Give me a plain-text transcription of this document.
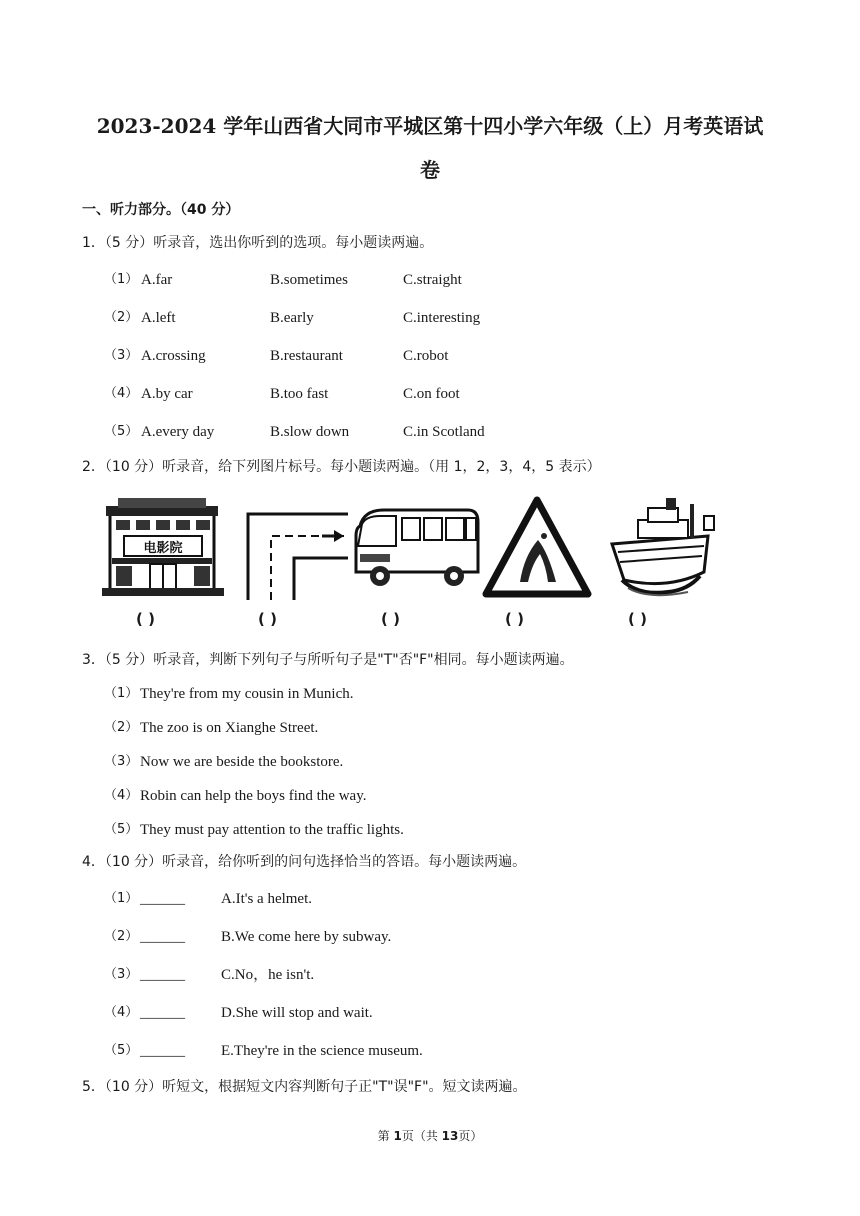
2023-2024 学年山西省大同市平城区第十四小学六年级（上）月考英语试
卷
一、听力部分。（40 分）
1．（5 分）听录音，选出你听到的选项。每小题读两遍。
（1） A.far	B.sometimes	C.straight
（2） A.left	B.early	C.interesting
（3） A.crossing	B.restaurant	C.robot
（4） A.by car	B.too fast	C.on foot
（5） A.every day	B.slow down	C.in Scotland
2．（10 分）听录音，给下列图片标号。每小题读两遍。（用 1，2，3，4，5 表示）
电影院
( )	( )	( )	( )	( )
3．（5 分）听录音，判断下列句子与所听句子是"T"否"F"相同。每小题读两遍。
（1） They're from my cousin in Munich.
（2） The zoo is on Xianghe Street.
（3） Now we are beside the bookstore.
（4） Robin can help the boys find the way.
（5） They must pay attention to the traffic lights.
4．（10 分）听录音，给你听到的问句选择恰当的答语。每小题读两遍。
（1） ______ A.It's a helmet.
（2） ______ B.We come here by subway.
（3） ______ C.No，he isn't.
（4） ______ D.She will stop and wait.
（5） ______ E.They're in the science museum.
5．（10 分）听短文，根据短文内容判断句子正"T"误"F"。短文读两遍。
第 1页（共 13页）
